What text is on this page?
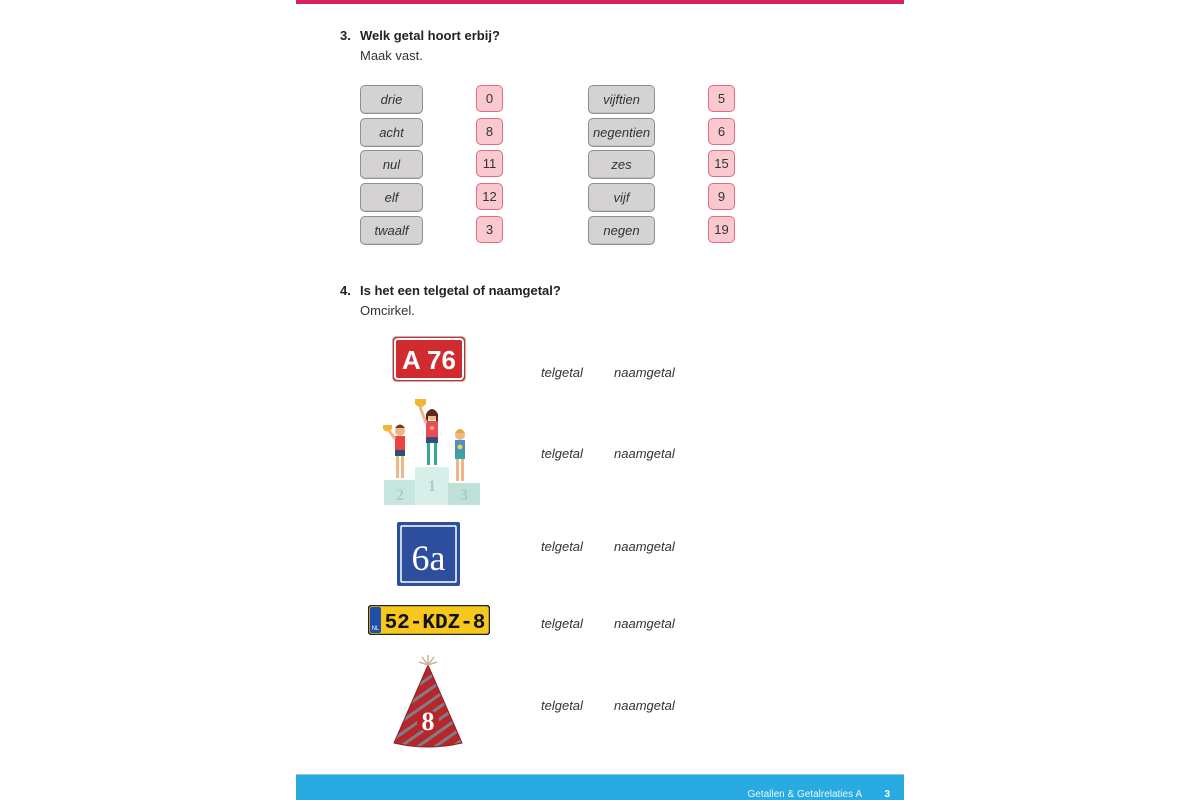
3. Welk getal hoort erbij?
Maak vast.
drie
acht
nul
elf
twaalf
0
8
11
12
3
vijftien
negentien
zes
vijf
negen
5
6
15
9
19
4. Is het een telgetal of naamgetal?
Omcirkel.
A 76	telgetal naamgetal
2
1
3
telgetal naamgetal
6a	telgetal naamgetal
NL 52-KDZ-8	telgetal naamgetal
8
telgetal naamgetal
Getallen & Getalrelaties A 3
